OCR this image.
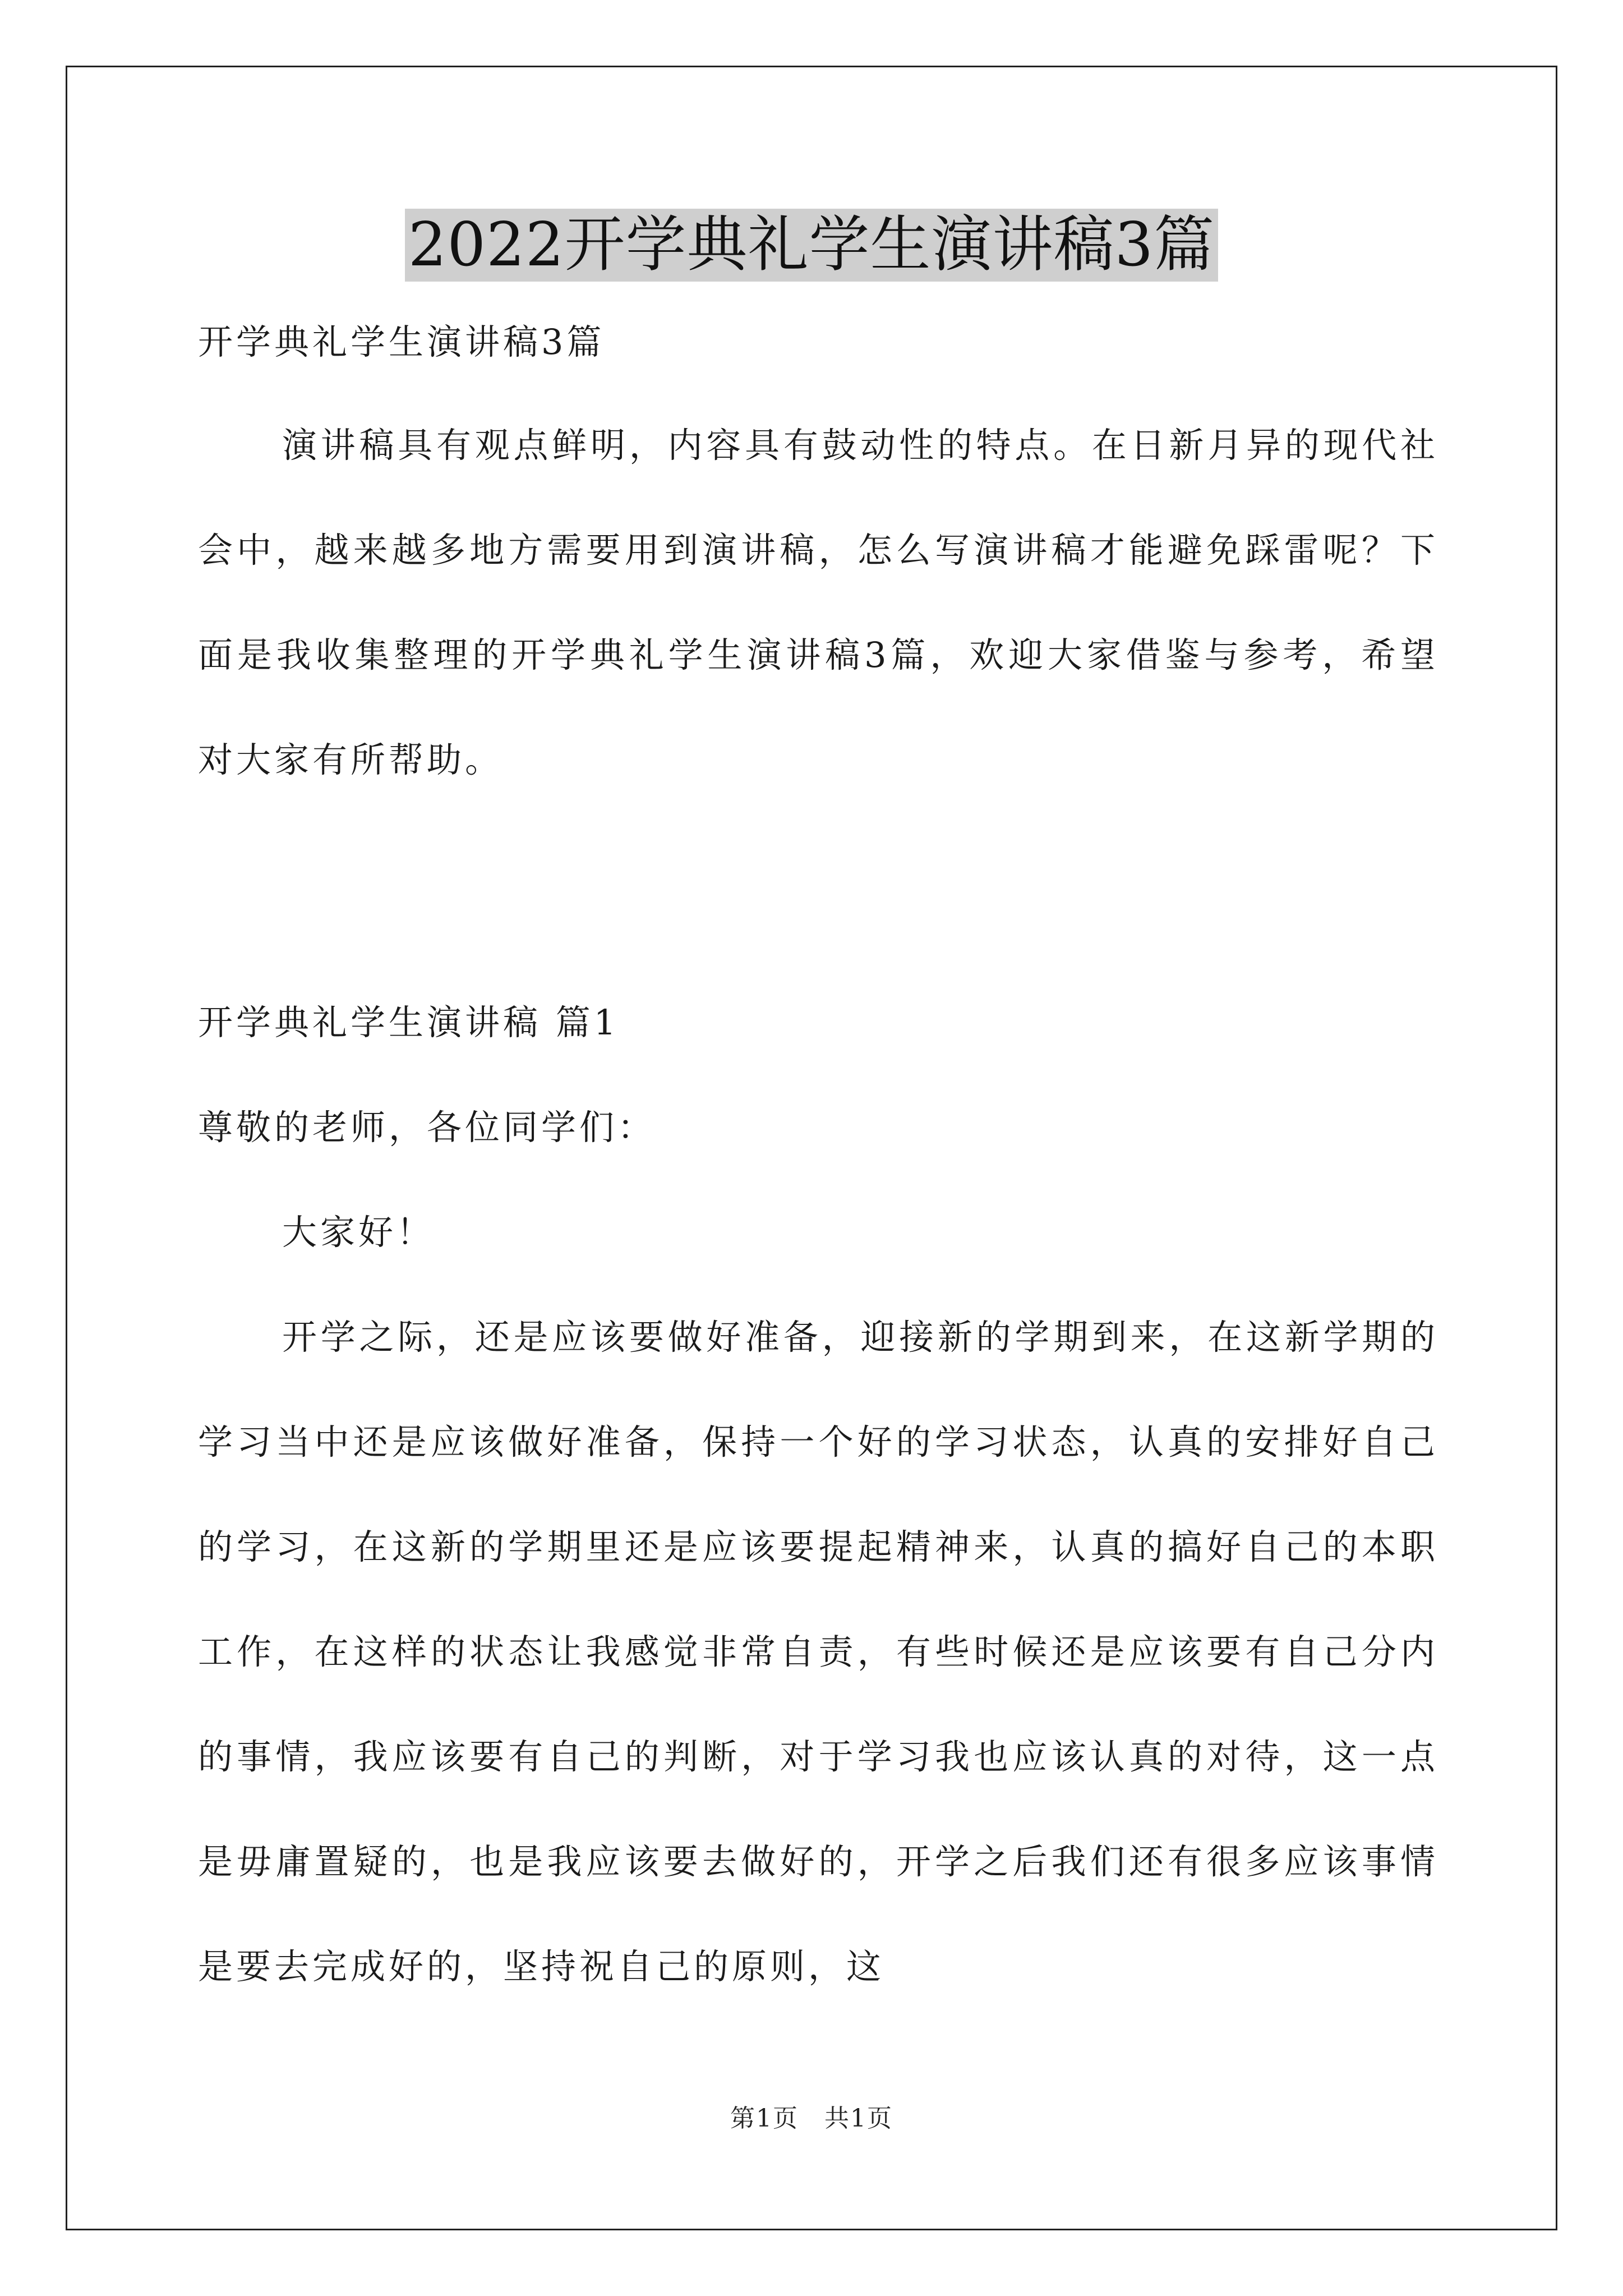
2022开学典礼学生演讲稿3篇
开学典礼学生演讲稿3篇

演讲稿具有观点鲜明，内容具有鼓动性的特点。在日新月异的现代社会中，越来越多地方需要用到演讲稿，怎么写演讲稿才能避免踩雷呢？下面是我收集整理的开学典礼学生演讲稿3篇，欢迎大家借鉴与参考，希望对大家有所帮助。

开学典礼学生演讲稿 篇1
尊敬的老师，各位同学们：
大家好！

开学之际，还是应该要做好准备，迎接新的学期到来，在这新学期的学习当中还是应该做好准备，保持一个好的学习状态，认真的安排好自己的学习，在这新的学期里还是应该要提起精神来，认真的搞好自己的本职工作，在这样的状态让我感觉非常自责，有些时候还是应该要有自己分内的事情，我应该要有自己的判断，对于学习我也应该认真的对待，这一点是毋庸置疑的，也是我应该要去做好的，开学之后我们还有很多应该事情是要去完成好的，坚持祝自己的原则，这

第1页　共1页
